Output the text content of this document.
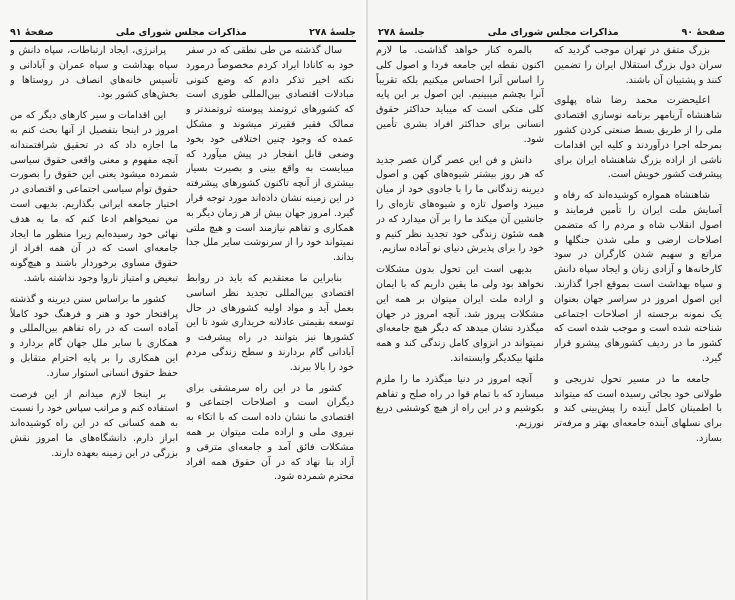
صفحهٔ ۹۱	مذاکرات مجلس شورای ملی	جلسهٔ ۲۷۸

سال گذشته من طی نطقی که در سفر خود به کانادا ایراد کردم مخصوصاً درمورد نکته اخیر تذکر دادم که وضع کنونی مبادلات اقتصادی بین‌المللی طوری است که کشورهای ثروتمند پیوسته ثروتمندتر و ممالک فقیر فقیرتر میشوند و مشکل عمده که وجود چنین اختلافی خود بخود وضعی قابل انفجار در پیش میآورد که میبایست به واقع بینی و بصیرت بسیار بیشتری از آنچه تاکنون کشورهای پیشرفته در این زمینه نشان داده‌اند مورد توجه قرار گیرد. امروز جهان بیش از هر زمان دیگر به همکاری و تفاهم نیازمند است و هیچ ملتی نمیتواند خود را از سرنوشت سایر ملل جدا بداند.

بنابراین ما معتقدیم که باید در روابط اقتصادی بین‌المللی تجدید نظر اساسی بعمل آید و مواد اولیه کشورهای در حال توسعه بقیمتی عادلانه خریداری شود تا این کشورها نیز بتوانند در راه پیشرفت و آبادانی گام بردارند و سطح زندگی مردم خود را بالا ببرند.

کشور ما در این راه سرمشقی برای دیگران است و اصلاحات اجتماعی و اقتصادی ما نشان داده است که با اتکاء به نیروی ملی و اراده ملت میتوان بر همه مشکلات فائق آمد و جامعه‌ای مترقی و آزاد بنا نهاد که در آن حقوق همه افراد محترم شمرده شود.

پرانرژی، ایجاد ارتباطات، سپاه دانش و سپاه بهداشت و سپاه عمران و آبادانی و تأسیس خانه‌های انصاف در روستاها و بخش‌های کشور بود.

این اقدامات و سیر کارهای دیگر که من امروز در اینجا بتفصیل از آنها بحث کنم به ما اجازه داد که در تحقیق شرافتمندانه آنچه مفهوم و معنی واقعی حقوق سیاسی شمرده میشود یعنی این حقوق را بصورت حقوق توأم سیاسی اجتماعی و اقتصادی در اختیار جامعه ایرانی بگذاریم. بدیهی است من نمیخواهم ادعا کنم که ما به هدف نهائی خود رسیده‌ایم زیرا منظور ما ایجاد جامعه‌ای است که در آن همه افراد از حقوق مساوی برخوردار باشند و هیچ‌گونه تبعیض و امتیاز ناروا وجود نداشته باشد.

کشور ما براساس سنن دیرینه و گذشته پرافتخار خود و هنر و فرهنگ خود کاملاً آماده است که در راه تفاهم بین‌المللی و همکاری با سایر ملل جهان گام بردارد و این همکاری را بر پایه احترام متقابل و حفظ حقوق انسانی استوار سازد.

بر اینجا لازم میدانم از این فرصت استفاده کنم و مراتب سپاس خود را نسبت به همه کسانی که در این راه کوشیده‌اند ابراز دارم. دانشگاه‌های ما امروز نقش بزرگی در این زمینه بعهده دارند.

جلسهٔ ۲۷۸	مذاکرات مجلس شورای ملی	صفحهٔ ۹۰

بزرگ متفق در تهران موجب گردید که سران دول بزرگ استقلال ایران را تضمین کنند و پشتیبان آن باشند.

اعلیحضرت محمد رضا شاه پهلوی شاهنشاه آریامهر برنامه نوسازی اقتصادی ملی را از طریق بسط صنعتی کردن کشور بمرحله اجرا درآوردند و کلیه این اقدامات ناشی از اراده بزرگ شاهنشاه ایران برای پیشرفت کشور خویش است.

شاهنشاه همواره کوشیده‌اند که رفاه و آسایش ملت ایران را تأمین فرمایند و اصول انقلاب شاه و مردم را که متضمن اصلاحات ارضی و ملی شدن جنگلها و مراتع و سهیم شدن کارگران در سود کارخانه‌ها و آزادی زنان و ایجاد سپاه دانش و سپاه بهداشت است بموقع اجرا گذارند. این اصول امروز در سراسر جهان بعنوان یک نمونه برجسته از اصلاحات اجتماعی شناخته شده است و موجب شده است که کشور ما در ردیف کشورهای پیشرو قرار گیرد.

جامعه ما در مسیر تحول تدریجی و طولانی خود بجائی رسیده است که میتواند با اطمینان کامل آینده را پیش‌بینی کند و برای نسلهای آینده جامعه‌ای بهتر و مرفه‌تر بسازد.

بالمره کنار خواهد گذاشت. ما لازم اکنون نقطه این جامعه فردا و اصول کلی را اساس آنرا احساس میکنیم بلکه تقریباً آنرا بچشم میبینیم. این اصول بر این پایه کلی متکی است که میباید حداکثر حقوق انسانی برای حداکثر افراد بشری تأمین شود.

دانش و فن این عصر گران عصر جدید که هر روز بیشتر شیوه‌های کهن و اصول دیرینه زندگانی ما را با جادوی خود از میان میبرد واصول تازه و شیوه‌های تازه‌ای را جانشین آن میکند ما را بر آن میدارد که در همه شئون زندگی خود تجدید نظر کنیم و خود را برای پذیرش دنیای نو آماده سازیم.

بدیهی است این تحول بدون مشکلات نخواهد بود ولی ما یقین داریم که با ایمان و اراده ملت ایران میتوان بر همه این مشکلات پیروز شد. آنچه امروز در جهان میگذرد نشان میدهد که دیگر هیچ جامعه‌ای نمیتواند در انزوای کامل زندگی کند و همه ملتها بیکدیگر وابسته‌اند.

آنچه امروز در دنیا میگذرد ما را ملزم میسازد که با تمام قوا در راه صلح و تفاهم بکوشیم و در این راه از هیچ کوششی دریغ نورزیم.
